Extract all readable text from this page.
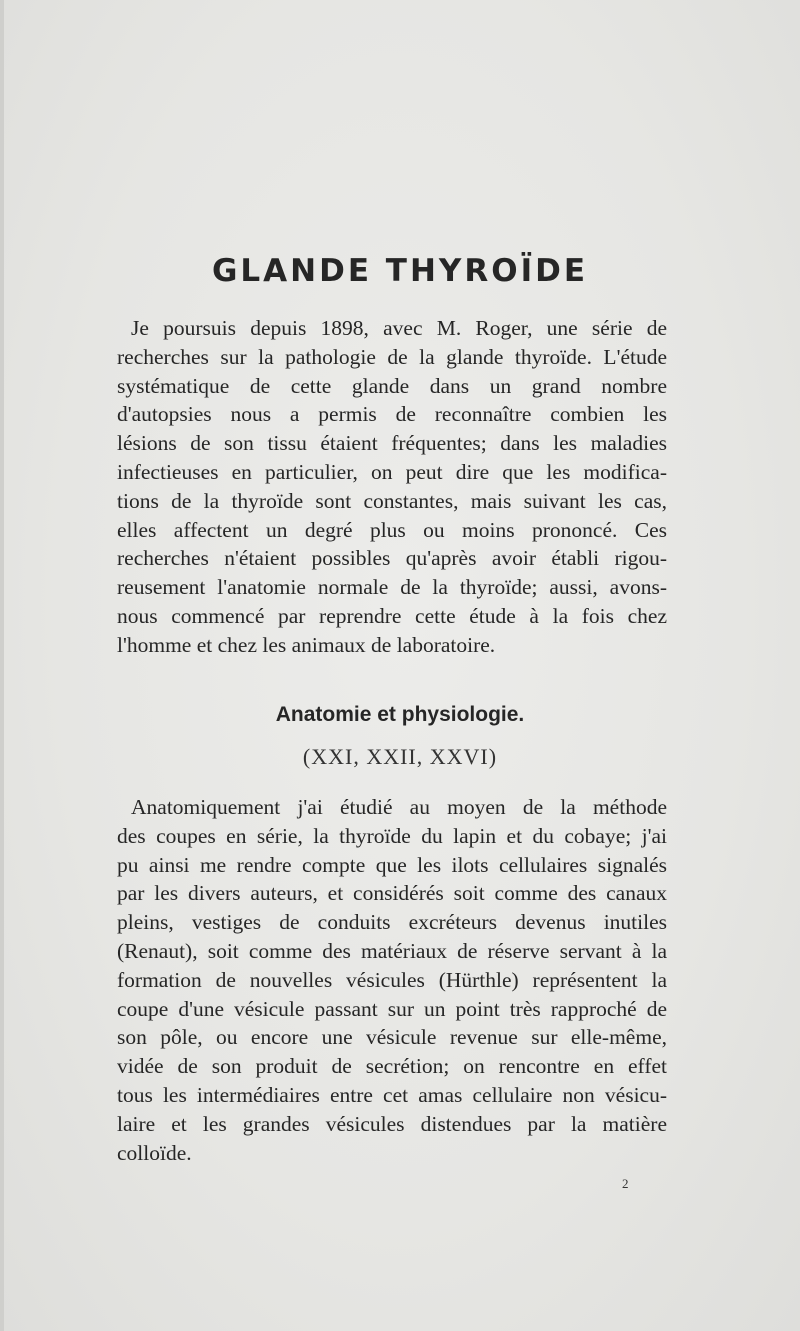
GLANDE THYROÏDE
Je poursuis depuis 1898, avec M. Roger, une série de
recherches sur la pathologie de la glande thyroïde. L'étude
systématique de cette glande dans un grand nombre
d'autopsies nous a permis de reconnaître combien les
lésions de son tissu étaient fréquentes; dans les maladies
infectieuses en particulier, on peut dire que les modifica-
tions de la thyroïde sont constantes, mais suivant les cas,
elles affectent un degré plus ou moins prononcé. Ces
recherches n'étaient possibles qu'après avoir établi rigou-
reusement l'anatomie normale de la thyroïde; aussi, avons-
nous commencé par reprendre cette étude à la fois chez
l'homme et chez les animaux de laboratoire.
Anatomie et physiologie.
(XXI, XXII, XXVI)
Anatomiquement j'ai étudié au moyen de la méthode
des coupes en série, la thyroïde du lapin et du cobaye; j'ai
pu ainsi me rendre compte que les ilots cellulaires signalés
par les divers auteurs, et considérés soit comme des canaux
pleins, vestiges de conduits excréteurs devenus inutiles
(Renaut), soit comme des matériaux de réserve servant à la
formation de nouvelles vésicules (Hürthle) représentent la
coupe d'une vésicule passant sur un point très rapproché de
son pôle, ou encore une vésicule revenue sur elle-même,
vidée de son produit de secrétion; on rencontre en effet
tous les intermédiaires entre cet amas cellulaire non vésicu-
laire et les grandes vésicules distendues par la matière
colloïde.
2
